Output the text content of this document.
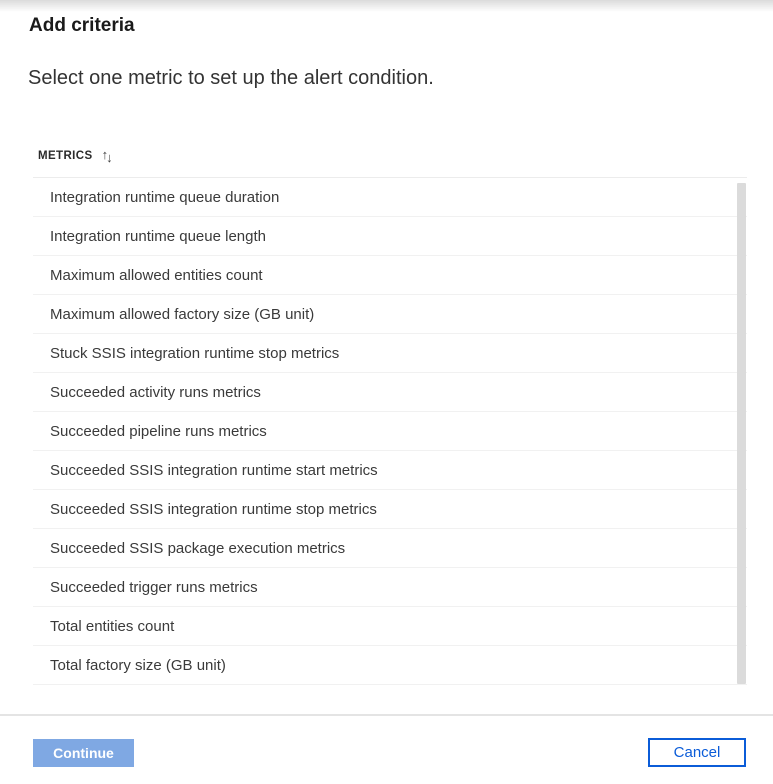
Add criteria
Select one metric to set up the alert condition.
METRICS ↑↓
Integration runtime queue duration
Integration runtime queue length
Maximum allowed entities count
Maximum allowed factory size (GB unit)
Stuck SSIS integration runtime stop metrics
Succeeded activity runs metrics
Succeeded pipeline runs metrics
Succeeded SSIS integration runtime start metrics
Succeeded SSIS integration runtime stop metrics
Succeeded SSIS package execution metrics
Succeeded trigger runs metrics
Total entities count
Total factory size (GB unit)
Continue	Cancel
